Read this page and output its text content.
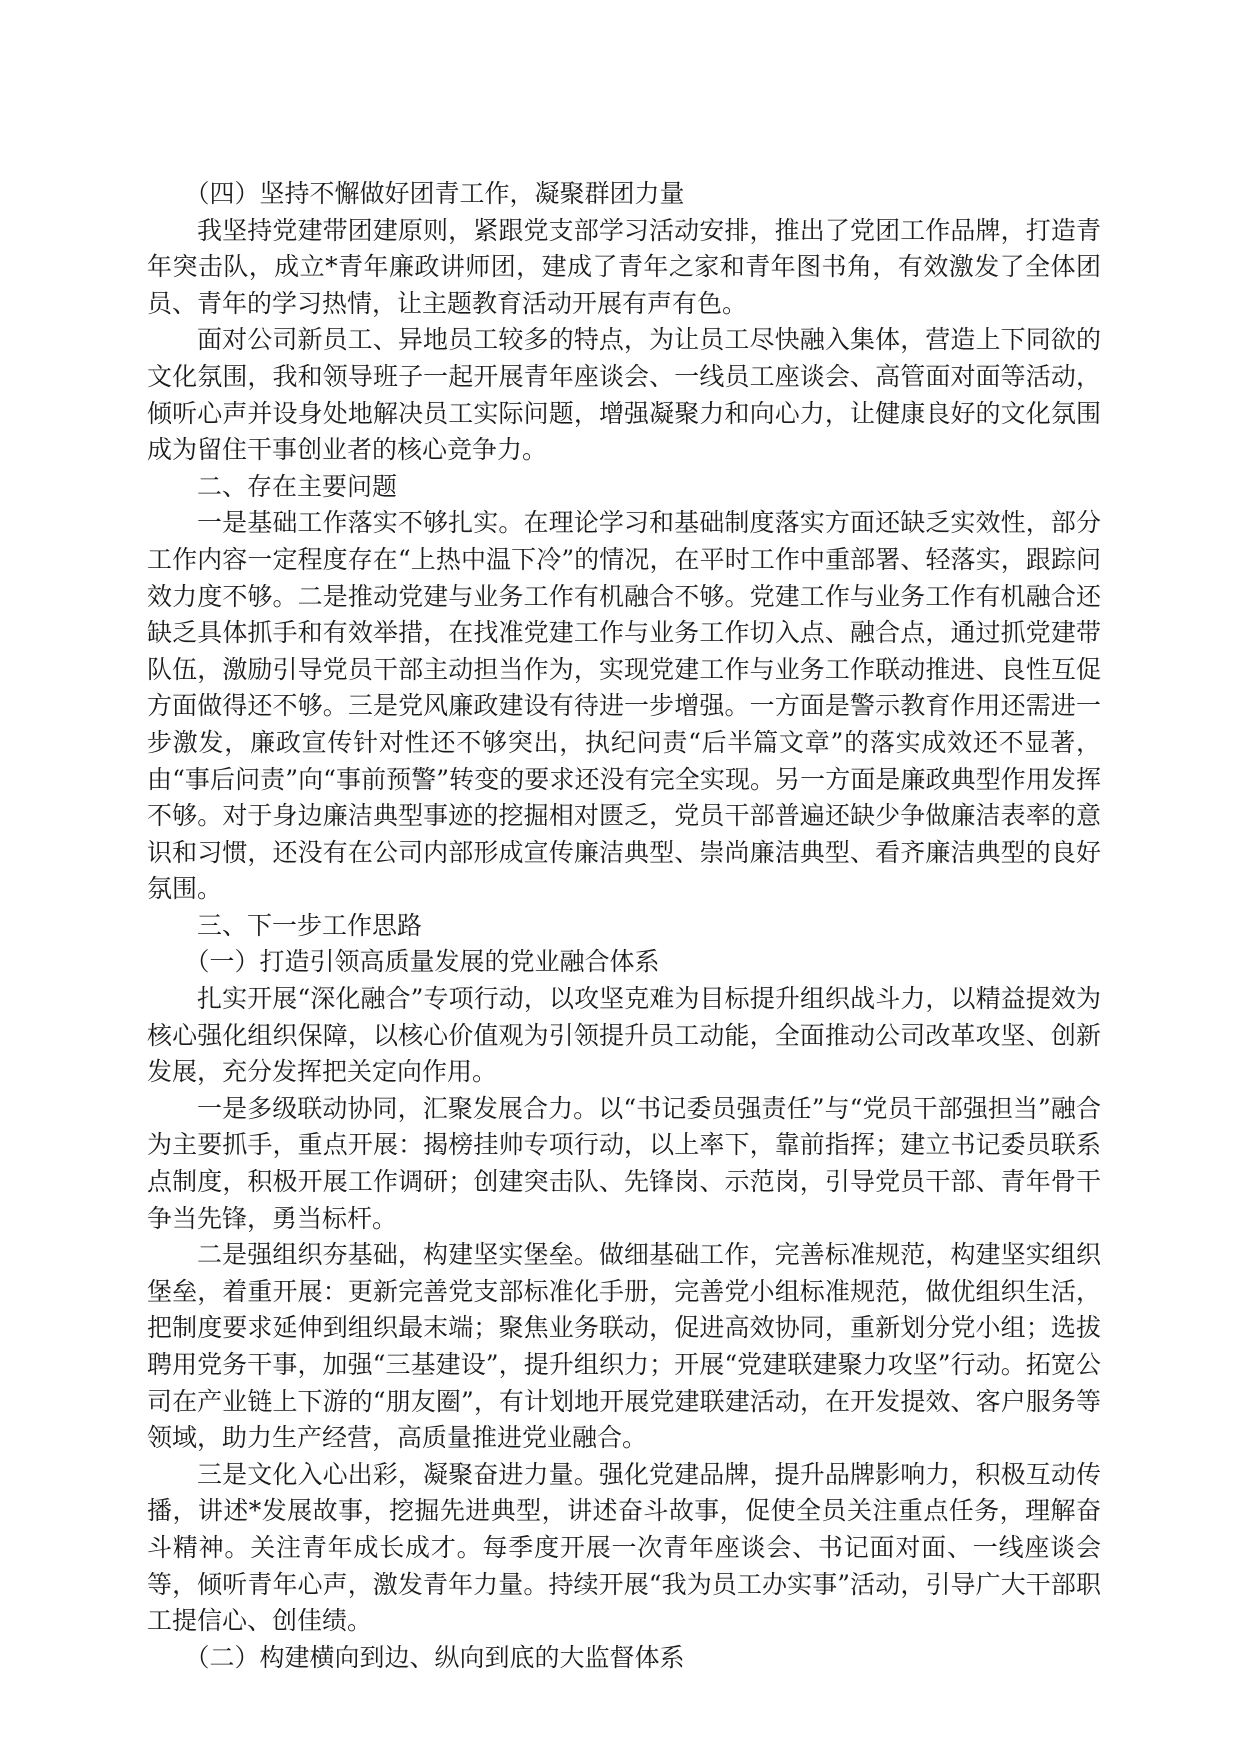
（四）坚持不懈做好团青工作，凝聚群团力量

我坚持党建带团建原则，紧跟党支部学习活动安排，推出了党团工作品牌，打造青年突击队，成立*青年廉政讲师团，建成了青年之家和青年图书角，有效激发了全体团员、青年的学习热情，让主题教育活动开展有声有色。

面对公司新员工、异地员工较多的特点，为让员工尽快融入集体，营造上下同欲的文化氛围，我和领导班子一起开展青年座谈会、一线员工座谈会、高管面对面等活动，倾听心声并设身处地解决员工实际问题，增强凝聚力和向心力，让健康良好的文化氛围成为留住干事创业者的核心竞争力。

二、存在主要问题

一是基础工作落实不够扎实。在理论学习和基础制度落实方面还缺乏实效性，部分工作内容一定程度存在“上热中温下冷”的情况，在平时工作中重部署、轻落实，跟踪问效力度不够。二是推动党建与业务工作有机融合不够。党建工作与业务工作有机融合还缺乏具体抓手和有效举措，在找准党建工作与业务工作切入点、融合点，通过抓党建带队伍，激励引导党员干部主动担当作为，实现党建工作与业务工作联动推进、良性互促方面做得还不够。三是党风廉政建设有待进一步增强。一方面是警示教育作用还需进一步激发，廉政宣传针对性还不够突出，执纪问责“后半篇文章”的落实成效还不显著，由“事后问责”向“事前预警”转变的要求还没有完全实现。另一方面是廉政典型作用发挥不够。对于身边廉洁典型事迹的挖掘相对匮乏，党员干部普遍还缺少争做廉洁表率的意识和习惯，还没有在公司内部形成宣传廉洁典型、崇尚廉洁典型、看齐廉洁典型的良好氛围。

三、下一步工作思路

（一）打造引领高质量发展的党业融合体系

扎实开展“深化融合”专项行动，以攻坚克难为目标提升组织战斗力，以精益提效为核心强化组织保障，以核心价值观为引领提升员工动能，全面推动公司改革攻坚、创新发展，充分发挥把关定向作用。

一是多级联动协同，汇聚发展合力。以“书记委员强责任”与“党员干部强担当”融合为主要抓手，重点开展：揭榜挂帅专项行动，以上率下，靠前指挥；建立书记委员联系点制度，积极开展工作调研；创建突击队、先锋岗、示范岗，引导党员干部、青年骨干争当先锋，勇当标杆。

二是强组织夯基础，构建坚实堡垒。做细基础工作，完善标准规范，构建坚实组织堡垒，着重开展：更新完善党支部标准化手册，完善党小组标准规范，做优组织生活，把制度要求延伸到组织最末端；聚焦业务联动，促进高效协同，重新划分党小组；选拔聘用党务干事，加强“三基建设”，提升组织力；开展“党建联建聚力攻坚”行动。拓宽公司在产业链上下游的“朋友圈”，有计划地开展党建联建活动，在开发提效、客户服务等领域，助力生产经营，高质量推进党业融合。

三是文化入心出彩，凝聚奋进力量。强化党建品牌，提升品牌影响力，积极互动传播，讲述*发展故事，挖掘先进典型，讲述奋斗故事，促使全员关注重点任务，理解奋斗精神。关注青年成长成才。每季度开展一次青年座谈会、书记面对面、一线座谈会等，倾听青年心声，激发青年力量。持续开展“我为员工办实事”活动，引导广大干部职工提信心、创佳绩。

（二）构建横向到边、纵向到底的大监督体系
